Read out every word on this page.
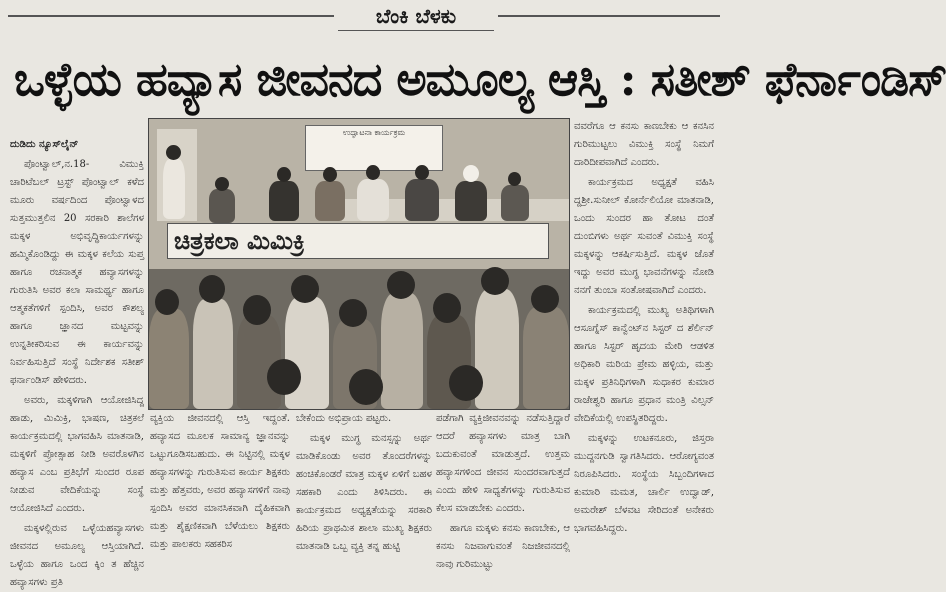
ಬೆಂಕಿ ಬೆಳಕು
ಒಳ್ಳೆಯ ಹವ್ಯಾಸ ಜೀವನದ ಅಮೂಲ್ಯ ಆಸ್ತಿ : ಸತೀಶ್ ಫೆರ್ನಾಂಡಿಸ್

ದುಡಿದು ನ್ಯೂಸ್‌ಲೈನ್

ಪೊಂಟ್ವಾಲ್,ನ.18- ವಿಮುಕ್ತಿ ಚಾರಿಟೆಬಲ್ ಟ್ರಸ್ಟ್ ಪೊಂಟ್ವಾಲ್ ಕಳೆದ ಮೂರು ವರ್ಷದಿಂದ ಪೊಂಟ್ವಾಳದ ಸುತ್ತಮುತ್ತಲಿನ 20 ಸರಕಾರಿ ಶಾಲೆಗಳ ಮಕ್ಕಳ ಅಭಿವೃದ್ಧಿಕಾರ್ಯಗಳನ್ನು ಹಮ್ಮಿಕೊಂಡಿದ್ದು ಈ ಮಕ್ಕಳ ಕಲೆಯ ಸುಪ್ತ ಹಾಗೂ ರಚನಾತ್ಮಕ ಹವ್ಯಾಸಗಳನ್ನು ಗುರುತಿಸಿ ಅವರ ಕಲಾ ಸಾಮರ್ಥ್ಯ ಹಾಗೂ ಆತ್ಮಕತೆಗಳಿಗೆ ಸ್ಪಂದಿಸಿ, ಅವರ ಕೌಶಲ್ಯ ಹಾಗೂ ಜ್ಞಾನದ ಮಟ್ಟವನ್ನು ಉನ್ನತೀಕರಿಸುವ ಈ ಕಾರ್ಯವನ್ನು ನಿರ್ವಹಿಸುತ್ತಿದೆ ಸಂಸ್ಥೆ ನಿರ್ದೇಶಕ ಸತೀಶ್ ಫರ್ನಾಂಡಿಸ್ ಹೇಳಿದರು.

ಅವರು, ಮಕ್ಕಳಿಗಾಗಿ ಆಯೋಜಿಸಿದ್ದ ಹಾಡು, ಮಿಮಿಕ್ರಿ, ಭಾಷಣ, ಚಿತ್ರಕಲೆ ಕಾರ್ಯಕ್ರಮದಲ್ಲಿ ಭಾಗವಹಿಸಿ ಮಾತನಾಡಿ, ಮಕ್ಕಳಿಗೆ ಪ್ರೋತ್ಸಾಹ ನೀಡಿ ಅವರೊಳಗಿನ ಹವ್ಯಾಸ ಎಂಬ ಪ್ರತಿಭೆಗೆ ಸುಂದರ ರೂಪ ನೀಡುವ ವೇದಿಕೆಯನ್ನು ಸಂಸ್ಥೆ ಆಯೋಜಿಸಿದೆ ಎಂದರು.

ಮಕ್ಕಳಲ್ಲಿರುವ ಒಳ್ಳೆಯಹವ್ಯಾಸಗಳು ಜೀವನದ ಅಮೂಲ್ಯ ಆಸ್ತಿಯಾಗಿದೆ. ಒಳ್ಳೆಯ ಹಾಗೂ ಒಂದ ಕ್ಕಿಂ ತ ಹೆಚ್ಚಿನ ಹವ್ಯಾಸಗಳು ಪ್ರತಿ

ಉದ್ಘಾಟನಾ ಕಾರ್ಯಕ್ರಮ
ಚಿತ್ರಕಲಾ ಮಿಮಿಕ್ರಿ

ವ್ಯಕ್ತಿಯ ಜೀವನದಲ್ಲಿ ಆಸ್ತಿ ಇದ್ದಂತೆ. ಹವ್ಯಾಸದ ಮೂಲಕ ಸಾಮಾನ್ಯ ಜ್ಞಾನವನ್ನು ಒಟ್ಟುಗೂಡಿಸಬಹುದು. ಈ ನಿಟ್ಟಿನಲ್ಲಿ ಮಕ್ಕಳ ಹವ್ಯಾಸಗಳನ್ನು ಗುರುತಿಸುವ ಕಾರ್ಯ ಶಿಕ್ಷಕರು ಮತ್ತು ಹೆತ್ತವರು, ಅವರ ಹವ್ಯಾಸಗಳಿಗೆ ನಾವು ಸ್ಪಂದಿಸಿ ಅವರ ಮಾನಸಿಕವಾಗಿ ದೈಹಿಕವಾಗಿ ಮತ್ತು ಶೈಕ್ಷಣಿಕವಾಗಿ ಬೆಳೆಯಲು ಶಿಕ್ಷಕರು ಮತ್ತು ಪಾಲಕರು ಸಹಕರಿಸ

ಬೇಕೆಂದು ಅಭಿಪ್ರಾಯ ಪಟ್ಟರು.

ಮಕ್ಕಳ ಮುಗ್ಧ ಮನಸ್ಸನ್ನು ಅರ್ಥ ಮಾಡಿಕೊಂಡು ಅವರ ತೊಂದರೆಗಳನ್ನು ಹಂಚಿಕೊಂಡರೆ ಮಾತ್ರ ಮಕ್ಕಳ ಏಳಿಗೆ ಬಹಳ ಸಹಕಾರಿ ಎಂದು ತಿಳಿಸಿದರು. ಈ ಕಾರ್ಯಕ್ರಮದ ಅಧ್ಯಕ್ಷತೆಯನ್ನು ಸರಕಾರಿ ಹಿರಿಯ ಪ್ರಾಥಮಿಕ ಶಾಲಾ ಮುಖ್ಯ ಶಿಕ್ಷಕರು ಮಾತನಾಡಿ ಒಬ್ಬ ವ್ಯಕ್ತಿ ತನ್ನ ಹುಟ್ಟಿ

ಪಡೆಗಾಗಿ ವ್ಯಕ್ತಿಜೀವನವನ್ನು ನಡೆಸುತ್ತಿದ್ದಾರೆ ಆದರೆ ಹವ್ಯಾಸಗಳು ಮಾತ್ರ ಬಾಗಿ ಬದುಕುವಂತೆ ಮಾಡುತ್ತದೆ. ಉತ್ತಮ ಹವ್ಯಾಸಗಳಿಂದ ಜೀವನ ಸುಂದರವಾಗುತ್ತದೆ ಎಂದು ಹೇಳಿ ಸಾಧ್ಯತೆಗಳನ್ನು ಗುರುತಿಸುವ ಕೆಲಸ ಮಾಡಬೇಕು ಎಂದರು.

ಹಾಗೂ ಮಕ್ಕಳು ಕನಸು ಕಾಣಬೇಕು, ಆ ಕನಸು ನಿಜವಾಗುವಂತೆ ನಿಜಜೀವನದಲ್ಲಿ ನಾವು ಗುರಿಮುಟ್ಟು

ವವರೆಗೂ ಆ ಕನಸು ಕಾಣಬೇಕು ಆ ಕನಸಿನ ಗುರಿಮುಟ್ಟಲು ವಿಮುಕ್ತಿ ಸಂಸ್ಥೆ ನಿಮಗೆ ದಾರಿದೀಪವಾಗಿದೆ ಎಂದರು.

ಕಾರ್ಯಕ್ರಮದ ಅಧ್ಯಕ್ಷತೆ ವಹಿಸಿ ದ್ದಶ್ರೀ.ಸುನೀಲ್ ಕೋರ್ನೆಲಿಯೋ ಮಾತನಾಡಿ, ಒಂದು ಸುಂದರ ಹಾ ತೋಟ ದಂತೆ ದುಂಬಿಗಳು ಅರ್ಥ ಸುವಂತೆ ವಿಮುಕ್ತಿ ಸಂಸ್ಥೆ ಮಕ್ಕಳನ್ನು ಆಕರ್ಷಿಸುತ್ತಿದೆ. ಮಕ್ಕಳ ಜೊತೆ ಇದ್ದು ಅವರ ಮುಗ್ಧ ಭಾವನೆಗಳನ್ನು ನೋಡಿ ನನಗೆ ತುಂಬಾ ಸಂತೋಷವಾಗಿದೆ ಎಂದರು.

ಕಾರ್ಯಕ್ರಮದಲ್ಲಿ ಮುಖ್ಯ ಅತಿಥಿಗಳಾಗಿ ಆಸೂಗ್ನೆಸ್ ಕಾನ್ವೆಂಟ್‌ನ ಸಿಸ್ಟರ್ ದ ಶೆರ್ಲಿನ್ ಹಾಗೂ ಸಿಸ್ಟರ್ ಹೃದಯ ಮೇರಿ ಆಡಳಿತ ಅಧಿಕಾರಿ ಮರಿಯ ಪ್ರೇಮ ಹಳ್ಳಿಯ, ಮತ್ತು ಮಕ್ಕಳ ಪ್ರತಿನಿಧಿಗಳಾಗಿ ಸುಧಾಕರ ಕುಮಾರ ರಾಜೇಶ್ವರಿ ಹಾಗೂ ಪ್ರಧಾನ ಮಂತ್ರಿ ವಿಲ್ಸನ್ ವೇದಿಕೆಯಲ್ಲಿ ಉಪಸ್ಥಿತರಿದ್ದರು.

ಮಕ್ಕಳನ್ನು ಉಟಕನೂರು, ಜಿಸ್ತರಾ ಮುದ್ದನಗುಡಿ ಸ್ವಾಗತಿಸಿದರು. ಆರೋಗ್ಯವಂತ ನಿರೂಪಿಸಿದರು. ಸಂಸ್ಥೆಯ ಸಿಬ್ಬಂದಿಗಳಾದ ಕುಮಾರಿ ಮಮತ, ಚಾರ್ಲಿ ಉದ್ವಾಡ್, ಅಮರೇಶ್ ಬೆಳವಟ ಸೇರಿದಂತೆ ಅನೇಕರು ಭಾಗವಹಿಸಿದ್ದರು.
